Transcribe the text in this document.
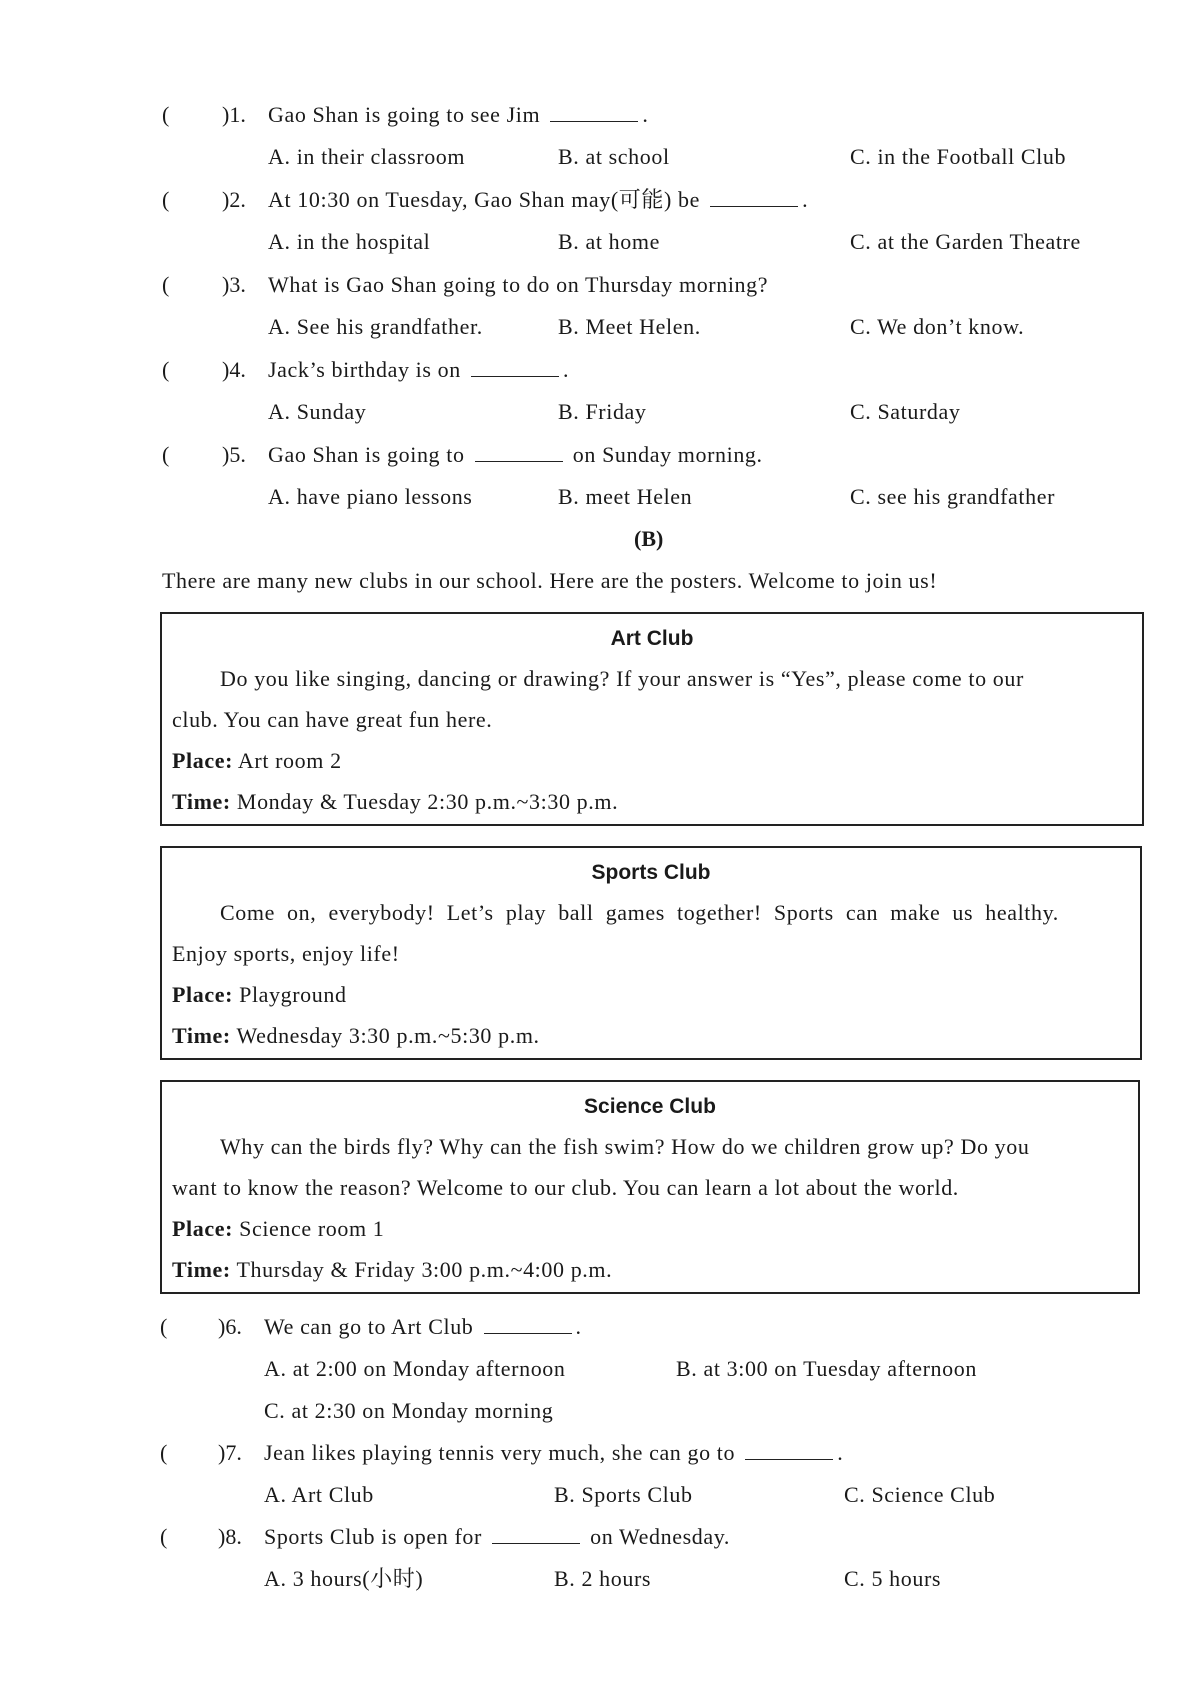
( )1. Gao Shan is going to see Jim	.
A. in their classroom	B. at school	C. in the Football Club
( )2. At 10:30 on Tuesday, Gao Shan may(可能) be	.
A. in the hospital	B. at home	C. at the Garden Theatre
( )3. What is Gao Shan going to do on Thursday morning?
A. See his grandfather.	B. Meet Helen.	C. We don’t know.
( )4. Jack’s birthday is on	.
A. Sunday	B. Friday	C. Saturday
( )5. Gao Shan is going to	on Sunday morning.
A. have piano lessons	B. meet Helen	C. see his grandfather
(B)
There are many new clubs in our school. Here are the posters. Welcome to join us!
Art Club
Do you like singing, dancing or drawing? If your answer is “Yes”, please come to our
club. You can have great fun here.
Place: Art room 2
Time: Monday & Tuesday 2:30 p.m.~3:30 p.m.
Sports Club
Come on, everybody! Let’s play ball games together! Sports can make us healthy.
Enjoy sports, enjoy life!
Place: Playground
Time: Wednesday 3:30 p.m.~5:30 p.m.
Science Club
Why can the birds fly? Why can the fish swim? How do we children grow up? Do you
want to know the reason? Welcome to our club. You can learn a lot about the world.
Place: Science room 1
Time: Thursday & Friday 3:00 p.m.~4:00 p.m.
( )6. We can go to Art Club	.
A. at 2:00 on Monday afternoon	B. at 3:00 on Tuesday afternoon
C. at 2:30 on Monday morning
( )7. Jean likes playing tennis very much, she can go to	.
A. Art Club	B. Sports Club	C. Science Club
( )8. Sports Club is open for	on Wednesday.
A. 3 hours(小时)	B. 2 hours	C. 5 hours
